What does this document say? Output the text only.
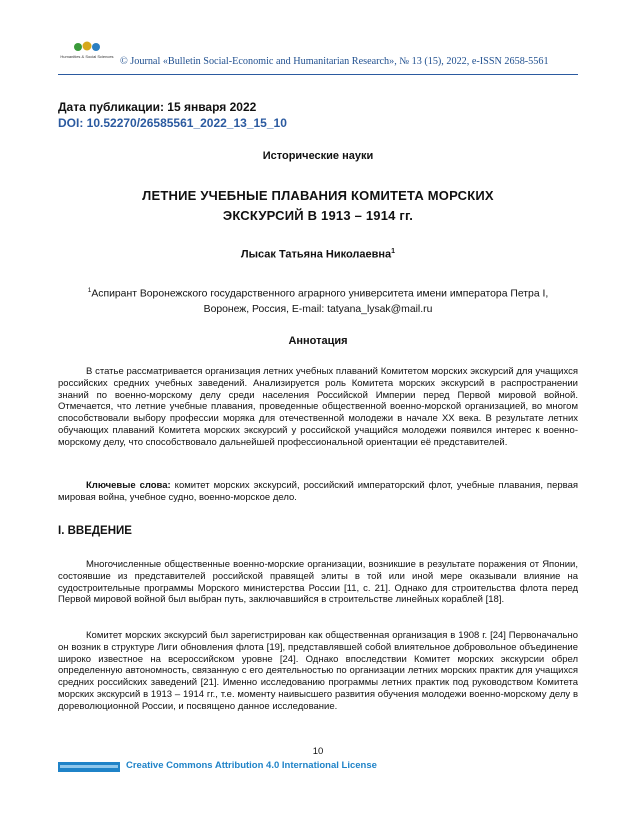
Humanities & Social Sciences © Journal «Bulletin Social-Economic and Humanitarian Research», № 13 (15), 2022, e-ISSN 2658-5561
Дата публикации: 15 января 2022
DOI: 10.52270/26585561_2022_13_15_10
Исторические науки
ЛЕТНИЕ УЧЕБНЫЕ ПЛАВАНИЯ КОМИТЕТА МОРСКИХ
ЭКСКУРСИЙ В 1913 – 1914 гг.
Лысак Татьяна Николаевна$^1$
$^1$Аспирант Воронежского государственного аграрного университета имени императора Петра I,
Воронеж, Россия, E-mail: tatyana_lysak@mail.ru
Аннотация

В статье рассматривается организация летних учебных плаваний Комитетом морских экскурсий для учащихся российских средних учебных заведений. Анализируется роль Комитета морских экскурсий в распространении знаний по военно-морскому делу среди населения Российской Империи перед Первой мировой войной. Отмечается, что летние учебные плавания, проведенные общественной военно-морской организацией, во многом способствовали выбору профессии моряка для отечественной молодежи в начале XX века. В результате летних обучающих плаваний Комитета морских экскурсий у российской учащийся молодежи появился интерес к военно-морскому делу, что способствовало дальнейшей профессиональной ориентации её представителей.

Ключевые слова: комитет морских экскурсий, российский императорский флот, учебные плавания, первая мировая война, учебное судно, военно-морское дело.

I. ВВЕДЕНИЕ

Многочисленные общественные военно-морские организации, возникшие в результате поражения от Японии, состоявшие из представителей российской правящей элиты в той или иной мере оказывали влияние на судостроительные программы Морского министерства России [11, с. 21]. Однако для строительства флота перед Первой мировой войной был выбран путь, заключавшийся в строительстве линейных кораблей [18].

Комитет морских экскурсий был зарегистрирован как общественная организация в 1908 г. [24] Первоначально он возник в структуре Лиги обновления флота [19], представлявшей собой влиятельное добровольное объединение широко известное на всероссийском уровне [24]. Однако впоследствии Комитет морских экскурсии обрел определенную автономность, связанную с его деятельностью по организации летних морских практик для учащихся средних российских заведений [21]. Именно исследованию программы летних практик под руководством Комитета морских экскурсий в 1913 – 1914 гг., т.е. моменту наивысшего развития обучения молодежи военно-морскому делу в дореволюционной России, и посвящено данное исследование.

10
Creative Commons Attribution 4.0 International License
